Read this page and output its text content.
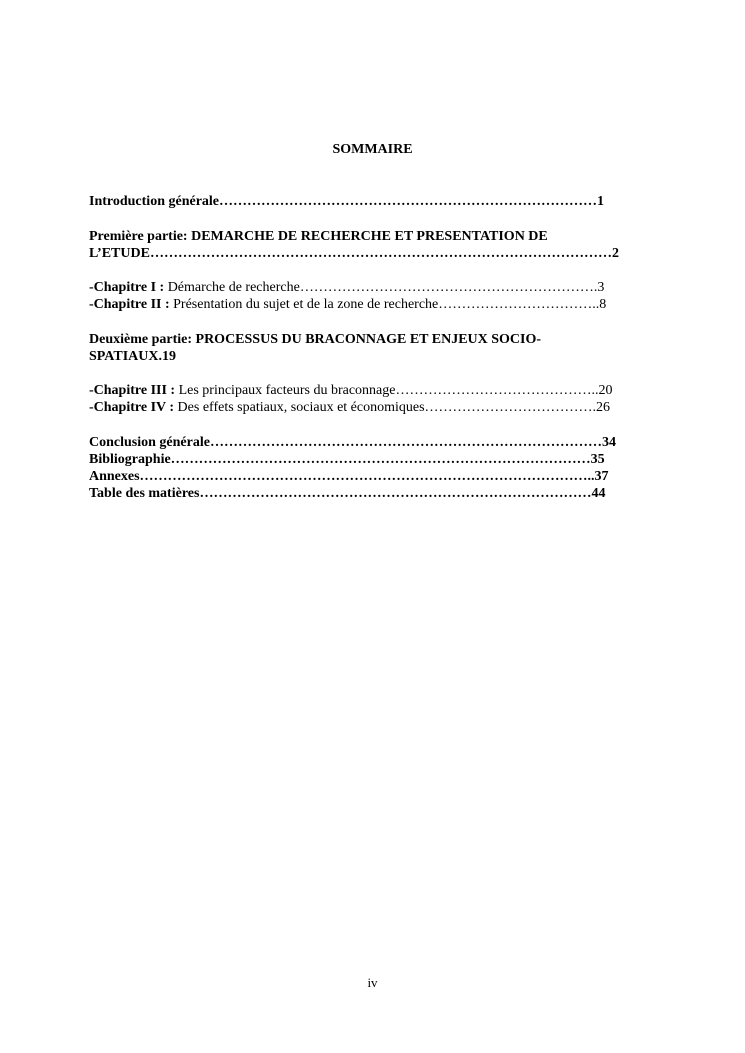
SOMMAIRE
Introduction générale………………………………………………………………………1
Première partie: DEMARCHE DE RECHERCHE ET PRESENTATION DE
L’ETUDE………………………………………………………………………………………2
-Chapitre I : Démarche de recherche……………………………………………………….3
-Chapitre II : Présentation du sujet et de la zone de recherche……………………………..8
Deuxième partie: PROCESSUS DU BRACONNAGE ET ENJEUX SOCIO-
SPATIAUX.19
-Chapitre III : Les principaux facteurs du braconnage……………………………………..20
-Chapitre IV : Des effets spatiaux, sociaux et économiques……………………………….26
Conclusion générale…………………………………………………………………………34
Bibliographie………………………………………………………………………………35
Annexes……………………………………………………………………………………..37
Table des matières…………………………………………………………………………44
iv
